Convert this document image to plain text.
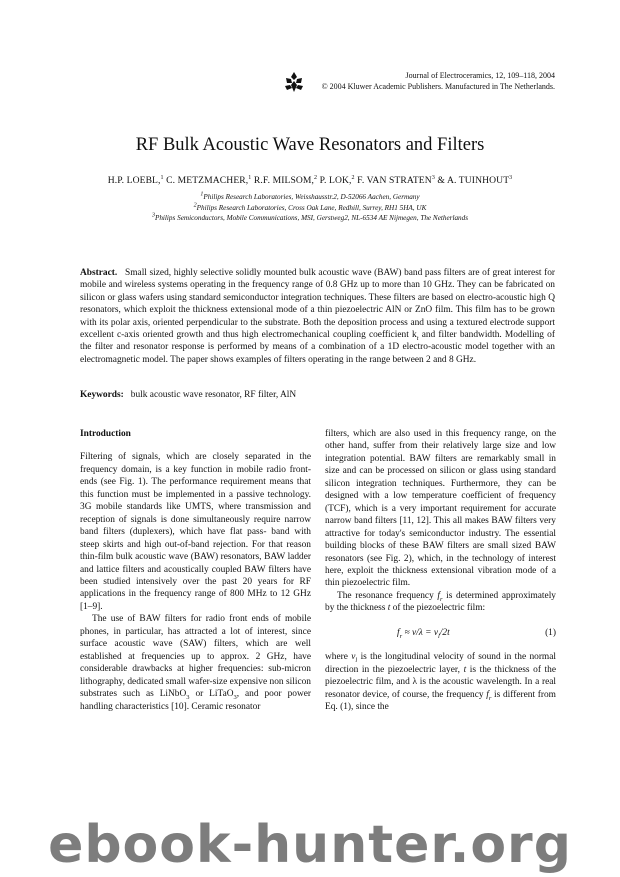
Journal of Electroceramics, 12, 109–118, 2004
© 2004 Kluwer Academic Publishers. Manufactured in The Netherlands.
RF Bulk Acoustic Wave Resonators and Filters
H.P. LOEBL,$^1$ C. METZMACHER,$^1$ R.F. MILSOM,$^2$ P. LOK,$^2$ F. VAN STRATEN$^3$ & A. TUINHOUT$^3$
$^1$Philips Research Laboratories, Weisshausstr.2, D-52066 Aachen, Germany
$^2$Philips Research Laboratories, Cross Oak Lane, Redhill, Surrey, RH1 5HA, UK
$^3$Philips Semiconductors, Mobile Communications, MSI, Gerstweg2, NL-6534 AE Nijmegen, The Netherlands
Abstract. Small sized, highly selective solidly mounted bulk acoustic wave (BAW) band pass filters are of great interest for mobile and wireless systems operating in the frequency range of 0.8 GHz up to more than 10 GHz. They can be fabricated on silicon or glass wafers using standard semiconductor integration techniques. These filters are based on electro-acoustic high Q resonators, which exploit the thickness extensional mode of a thin piezoelectric AlN or ZnO film. This film has to be grown with its polar axis, oriented perpendicular to the substrate. Both the deposition process and using a textured electrode support excellent c-axis oriented growth and thus high electromechanical coupling coefficient $k_t$ and filter bandwidth. Modelling of the filter and resonator response is performed by means of a combination of a 1D electro-acoustic model together with an electromagnetic model. The paper shows examples of filters operating in the range between 2 and 8 GHz.
Keywords: bulk acoustic wave resonator, RF filter, AlN
Introduction

Filtering of signals, which are closely separated in the frequency domain, is a key function in mobile radio front-ends (see Fig. 1). The performance requirement means that this function must be implemented in a passive technology. 3G mobile standards like UMTS, where transmission and reception of signals is done simultaneously require narrow band filters (duplexers), which have flat pass- band with steep skirts and high out-of-band rejection. For that reason thin-film bulk acoustic wave (BAW) resonators, BAW ladder and lattice filters and acoustically coupled BAW filters have been studied intensively over the past 20 years for RF applications in the frequency range of 800 MHz to 12 GHz [1–9].

The use of BAW filters for radio front ends of mobile phones, in particular, has attracted a lot of interest, since surface acoustic wave (SAW) filters, which are well established at frequencies up to approx. 2 GHz, have considerable drawbacks at higher frequencies: sub-micron lithography, dedicated small wafer-size expensive non silicon substrates such as LiNbO$_3$ or LiTaO$_3$, and poor power handling characteristics [10]. Ceramic resonator

filters, which are also used in this frequency range, on the other hand, suffer from their relatively large size and low integration potential. BAW filters are remarkably small in size and can be processed on silicon or glass using standard silicon integration techniques. Furthermore, they can be designed with a low temperature coefficient of frequency (TCF), which is a very important requirement for accurate narrow band filters [11, 12]. This all makes BAW filters very attractive for today's semiconductor industry. The essential building blocks of these BAW filters are small sized BAW resonators (see Fig. 2), which, in the technology of interest here, exploit the thickness extensional vibration mode of a thin piezoelectric film.

The resonance frequency $f_r$ is determined approximately by the thickness t of the piezoelectric film:

$f_r \approx v/\lambda = v_l/2t$	(1)

where $v_l$ is the longitudinal velocity of sound in the normal direction in the piezoelectric layer, t is the thickness of the piezoelectric film, and λ is the acoustic wavelength. In a real resonator device, of course, the frequency $f_r$ is different from Eq. (1), since the

ebook-hunter.org
